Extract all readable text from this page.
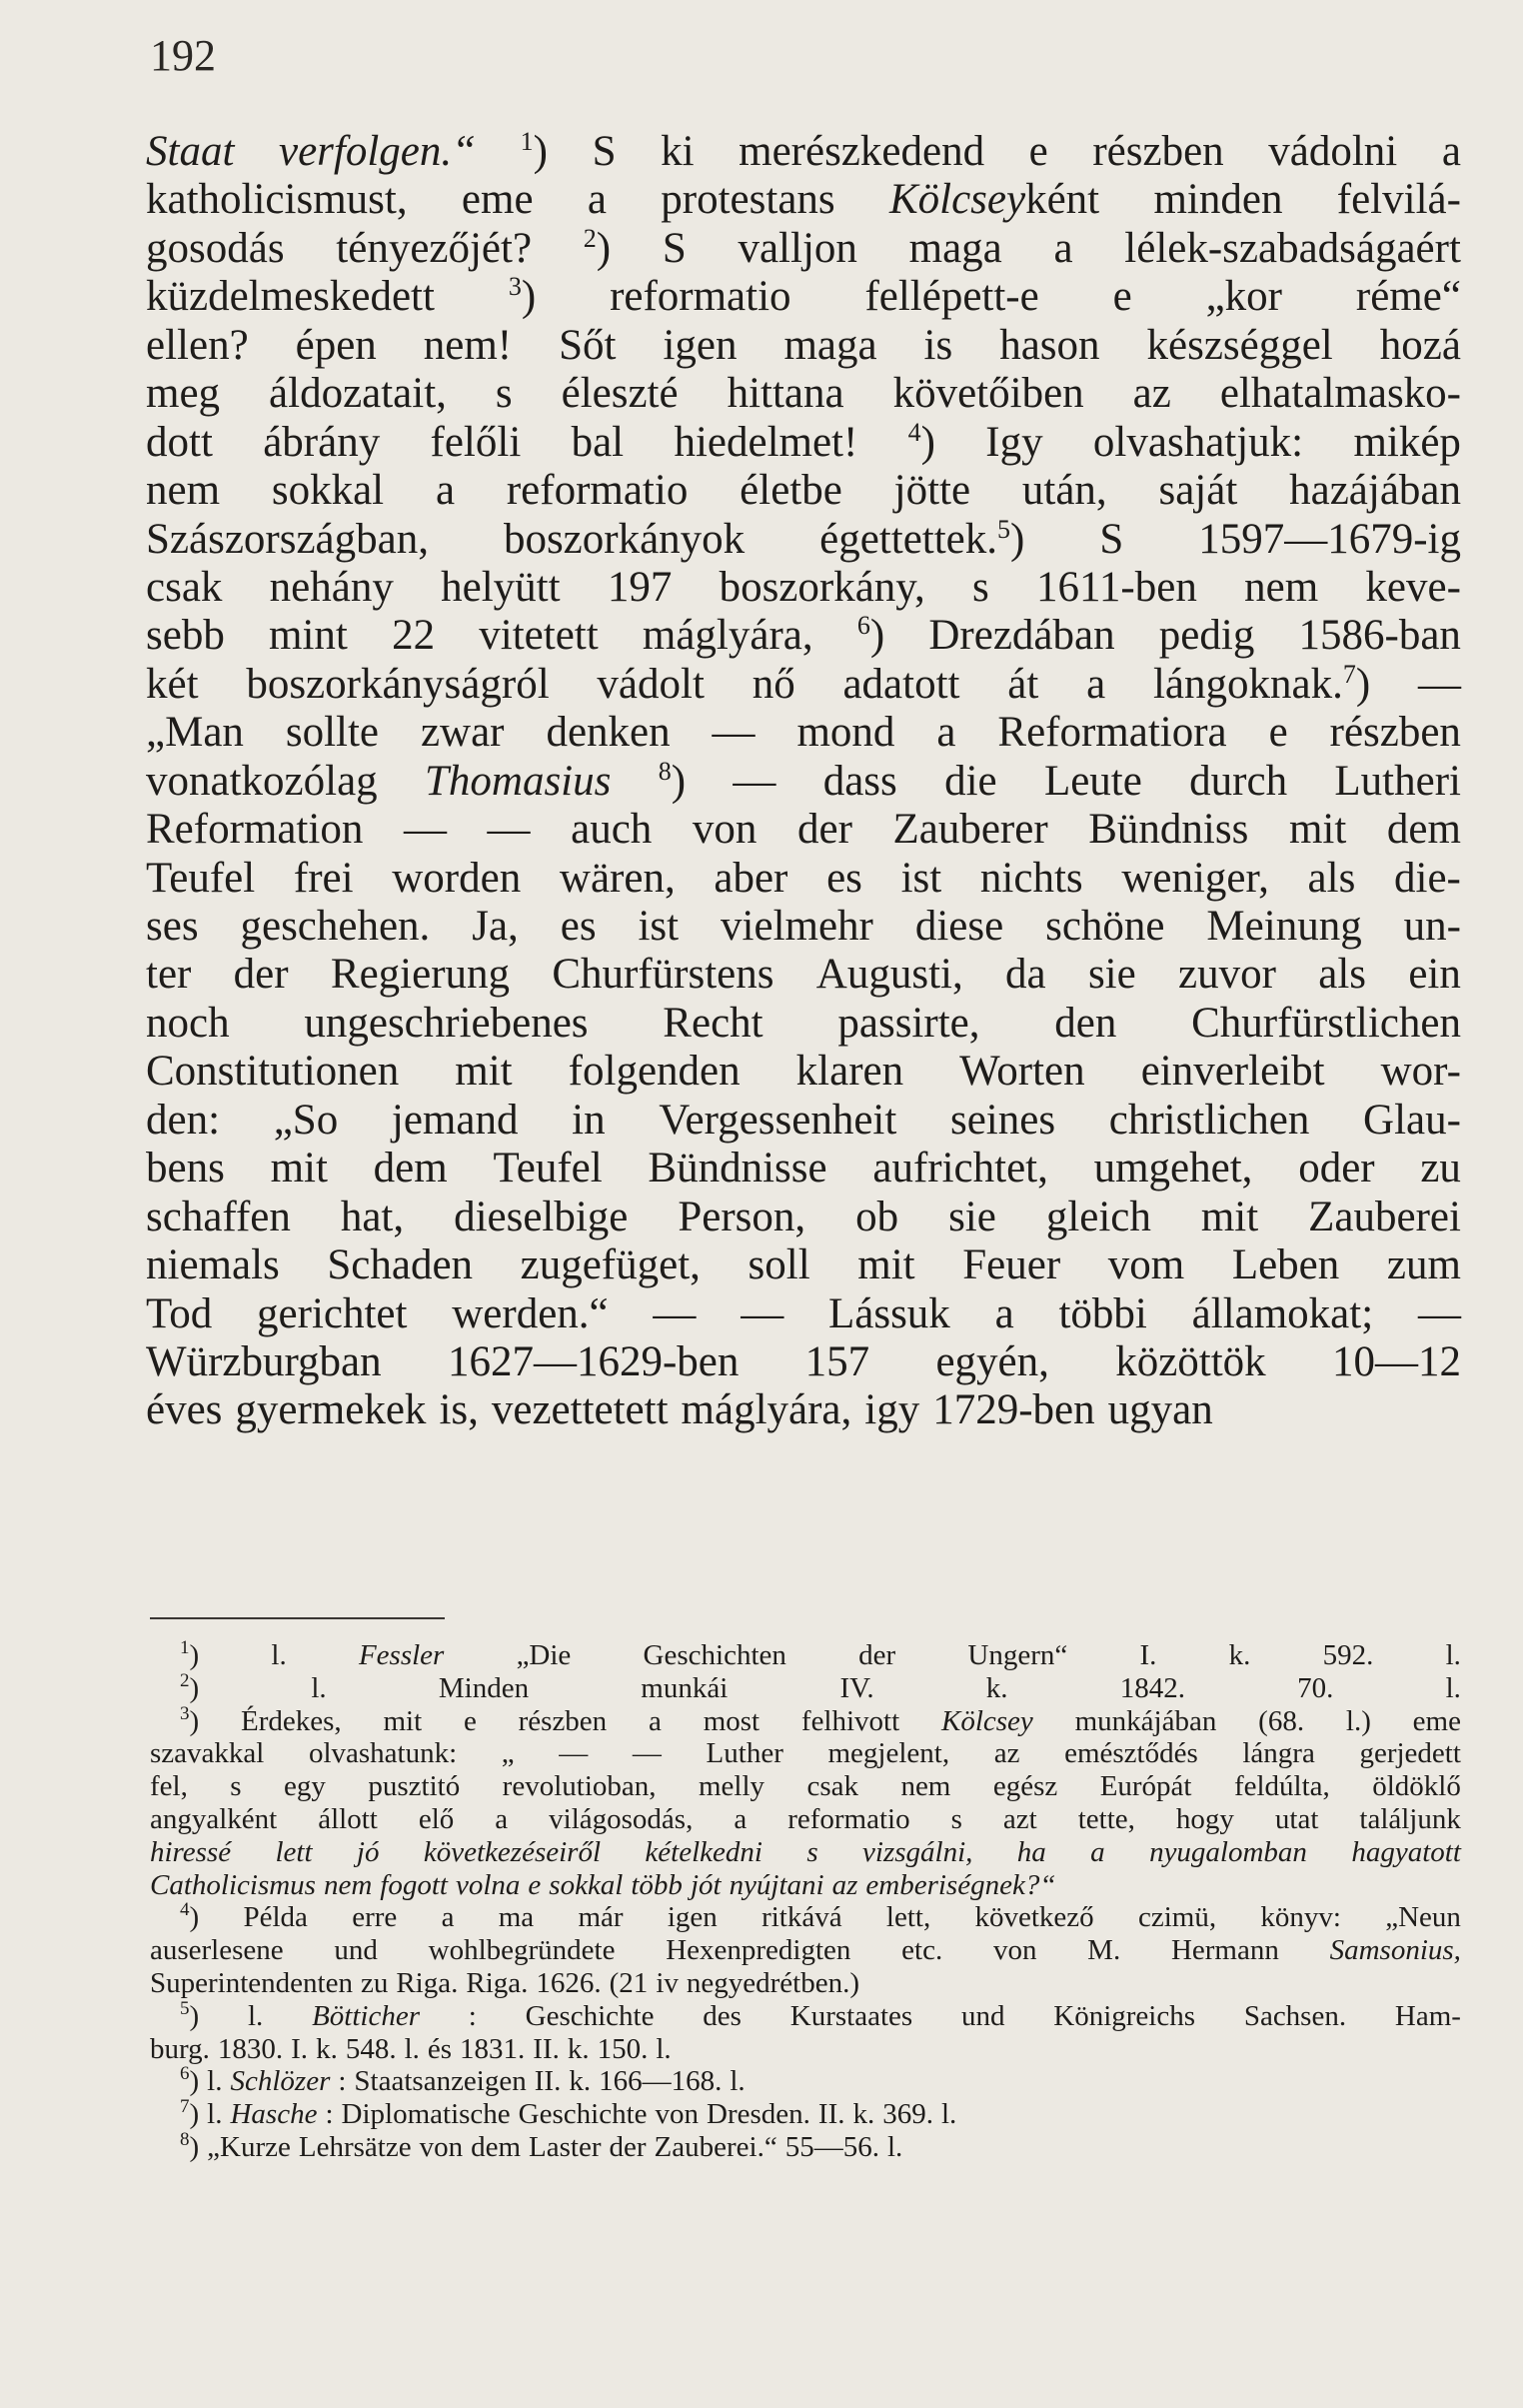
192
Staat verfolgen.“ $^1$) S ki merészkedend e részben vádolni a
katholicismust, eme a protestans Kölcseyként minden felvilá-
gosodás tényezőjét? $^2$) S valljon maga a lélek-szabadságaért
küzdelmeskedett	$^3$) reformatio fellépett-e e „kor réme“
ellen? épen nem! Sőt igen maga is hason készséggel hozá
meg áldozatait, s éleszté hittana követőiben az elhatalmasko-
dott ábrány felőli bal hiedelmet! $^4$) Igy olvashatjuk: mikép
nem sokkal a reformatio életbe jötte után, saját hazájában
Szászországban, boszorkányok égettettek.$^5$) S 1597—1679-ig
csak nehány helyütt 197 boszorkány, s 1611-ben nem keve-
sebb mint 22 vitetett máglyára, $^6$) Drezdában pedig 1586-ban
két boszorkányságról vádolt nő adatott át a lángoknak.$^7$) —
„Man sollte zwar denken — mond a Reformatiora e részben
vonatkozólag Thomasius $^8$) — dass die Leute durch Lutheri
Reformation — — auch von der Zauberer Bündniss mit dem
Teufel frei worden wären, aber es ist nichts weniger, als die-
ses geschehen. Ja, es ist vielmehr diese schöne Meinung un-
ter der Regierung Churfürstens Augusti, da sie zuvor als ein
noch ungeschriebenes Recht passirte, den Churfürstlichen
Constitutionen mit folgenden klaren Worten einverleibt wor-
den: „So jemand in Vergessenheit seines christlichen Glau-
bens mit dem Teufel Bündnisse aufrichtet, umgehet, oder zu
schaffen hat, dieselbige Person, ob sie gleich mit Zauberei
niemals Schaden zugefüget, soll mit Feuer vom Leben zum
Tod gerichtet werden.“ — — Lássuk a többi államokat; —
Würzburgban 1627—1629-ben 157 egyén, közöttök 10—12
éves gyermekek is, vezettetett máglyára, igy 1729-ben ugyan
$^1$) l. Fessler „Die Geschichten der Ungern“ I. k. 592. l.
$^2$)	l.	Minden	munkái	IV.	k.	1842.	70.	l.
$^3$) Érdekes, mit e részben a most felhivott Kölcsey munkájában (68. l.) eme
szavakkal olvashatunk: „ — — Luther megjelent, az emésztődés lángra gerjedett
fel, s egy pusztitó revolutioban, melly csak nem egész Európát feldúlta, öldöklő
angyalként állott elő a világosodás, a reformatio s azt tette, hogy utat találjunk
hiressé lett jó következéseiről kételkedni s vizsgálni, ha a nyugalomban hagyatott
Catholicismus nem fogott volna e sokkal több jót nyújtani az emberiségnek?“
$^4$) Példa erre a ma már igen ritkává lett, következő czimü, könyv: „Neun
auserlesene und wohlbegründete Hexenpredigten etc. von M. Hermann Samsonius,
Superintendenten zu Riga. Riga. 1626. (21 iv negyedrétben.)
$^5$) l. Bötticher : Geschichte des Kurstaates und Königreichs Sachsen. Ham-
burg. 1830. I. k. 548. l. és 1831. II. k. 150. l.
$^6$) l. Schlözer : Staatsanzeigen II. k. 166—168. l.
$^7$) l. Hasche : Diplomatische Geschichte von Dresden. II. k. 369. l.
$^8$) „Kurze Lehrsätze von dem Laster der Zauberei.“ 55—56. l.
